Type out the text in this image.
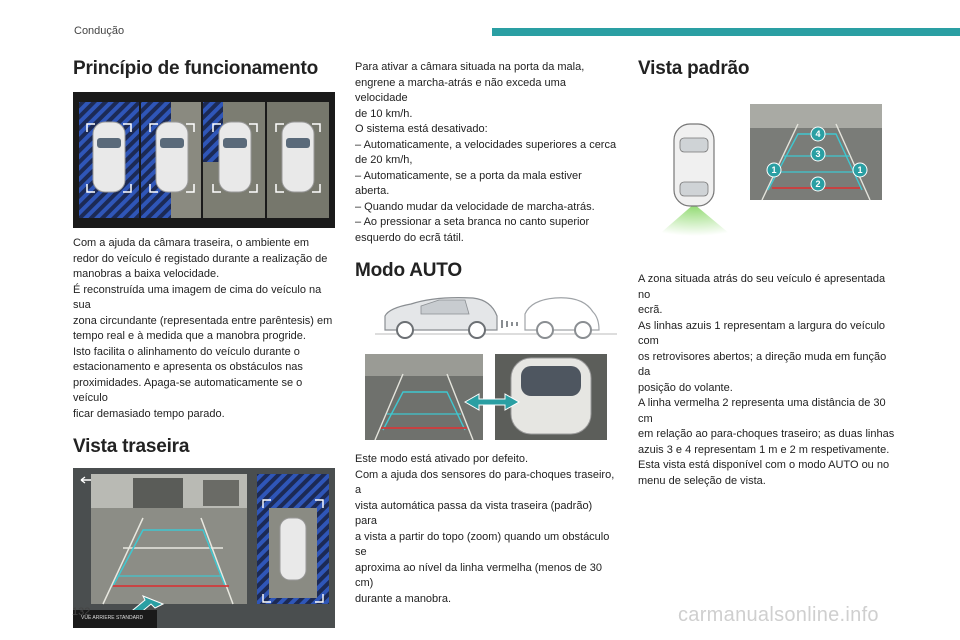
Condução
Princípio de funcionamento

Com a ajuda da câmara traseira, o ambiente em

redor do veículo é registado durante a realização de

manobras a baixa velocidade.

É reconstruída uma imagem de cima do veículo na sua

zona circundante (representada entre parêntesis) em

tempo real e à medida que a manobra progride.

Isto facilita o alinhamento do veículo durante o

estacionamento e apresenta os obstáculos nas

proximidades. Apaga-se automaticamente se o veículo

ficar demasiado tempo parado.

Vista traseira
VUE ARRIERE STANDARD

Para ativar a câmara situada na porta da mala,

engrene a marcha-atrás e não exceda uma velocidade

de 10 km/h.

O sistema está desativado:

– Automaticamente, a velocidades superiores a cerca

de 20 km/h,

– Automaticamente, se a porta da mala estiver aberta.

– Quando mudar da velocidade de marcha-atrás.

– Ao pressionar a seta branca no canto superior

esquerdo do ecrã tátil.

Modo AUTO

Este modo está ativado por defeito.

Com a ajuda dos sensores do para-choques traseiro, a

vista automática passa da vista traseira (padrão) para

a vista a partir do topo (zoom) quando um obstáculo se

aproxima ao nível da linha vermelha (menos de 30 cm)

durante a manobra.

Vista padrão
4
3
1	1
2

A zona situada atrás do seu veículo é apresentada no

ecrã.

As linhas azuis 1 representam a largura do veículo com

os retrovisores abertos; a direção muda em função da

posição do volante.

A linha vermelha 2 representa uma distância de 30 cm

em relação ao para-choques traseiro; as duas linhas

azuis 3 e 4 representam 1 m e 2 m respetivamente.

Esta vista está disponível com o modo AUTO ou no

menu de seleção de vista.

132	carmanualsonline.info
